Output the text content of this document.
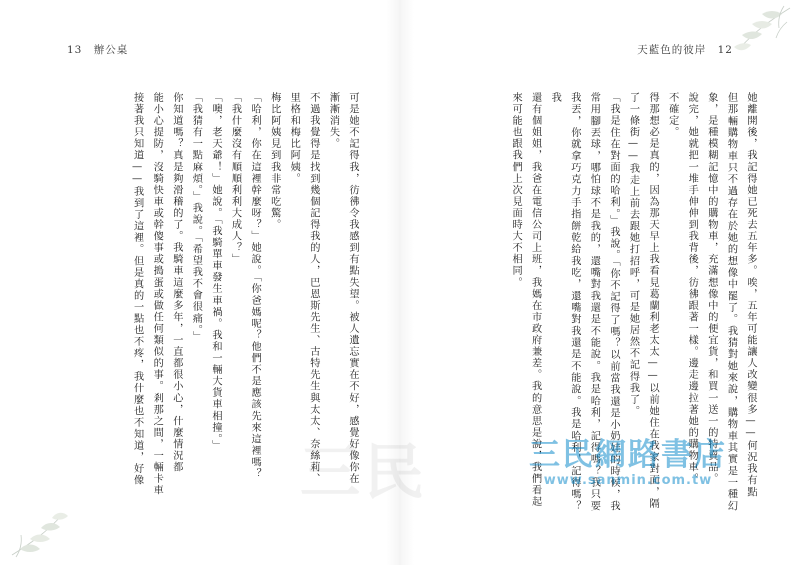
天藍色的彼岸 12
13 辦公桌

可是她不記得我，彷彿令我感到有點失望。被人遺忘實在不好，感覺好像你在

漸漸消失。

不過我覺得是找到幾個記得我的人，巴恩斯先生、古特先生與太太、奈絲莉、

里格和梅比阿姨。

梅比阿姨見到我非常吃驚。

「哈利，你在這裡幹麼呀？」她說。「你爸媽呢？他們不是應該先來這裡嗎？

「我什麼沒有順順利利大成人？」

「噢，老天爺！」她說。「我騎單車發生車禍。我和一輛大貨車相撞。」

「我猜有一點麻煩。」我說。「希望我不會很痛。」

你知道嗎？真是夠滑稽的了。我騎車這麼多年，一直都很小心，什麼情況都

能小心提防，沒騎快車或幹傻事或搗蛋或做任何類似的事。剎那之間，一輛卡車

接著我只知道——我到了這裡。但是真的一點也不疼，我什麼也不知道，好像	她離開後，我記得她已死去五年多。唉，五年可能讓人改變很多——何況我有點

但那輛購物車只不過存在於她的想像中罷了。我猜對她來說，購物車其實是一種幻象，是種模糊記憶中的購物車，充滿想像中的便宜貨，和買一送一的特賣品。

說完，她就把一堆手伸伸到我背後，彷彿跟著一樣。邊走邊拉著她的購物車。

不確定。

得那想必是真的，因為那天早上我看見葛蘭利老太太——以前她住在我家對面，隔

了一條街——我走上前去跟她打招呼，可是她居然不記得我了。

「我是住在對面的哈利。」我說。「你不記得了嗎？以前當我還是小奶娃的時候，我常用腳丟球，哪怕球不是我的，還嘴對我還是不能說。我是哈利，記得嗎？我只要我丟，你就拿巧克力手指餅乾給我吃，還嘴對我還是不能說。我是哈利，記得嗎？我

還有個姐姐，我爸在電信公司上班，我媽在市政府兼差。我的意思是說，我們看起

來可能也跟我們上次見面時大不相同。

三民網路書店
www.sanmin.com.tw
